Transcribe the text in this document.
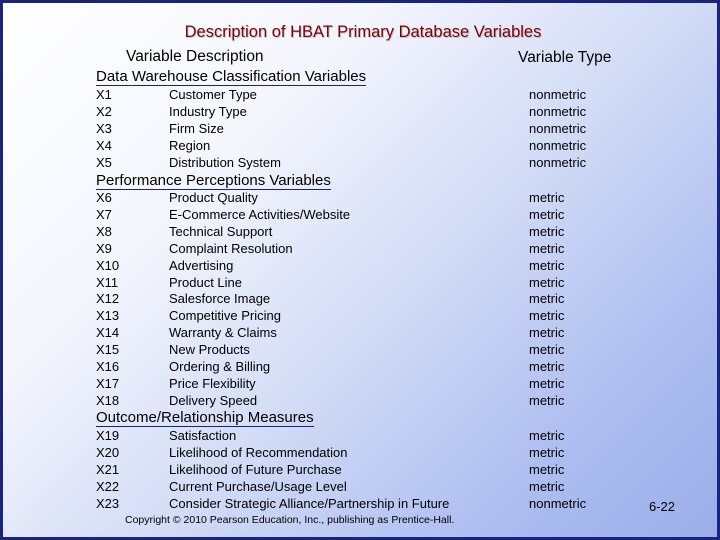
Description of HBAT Primary Database Variables
Variable Description	Variable Type
Data Warehouse Classification Variables
Performance Perceptions Variables
Outcome/Relationship Measures
X1	Customer Type	nonmetric
X2	Industry Type	nonmetric
X3	Firm Size	nonmetric
X4	Region	nonmetric
X5	Distribution System	nonmetric
X6	Product Quality	metric
X7	E-Commerce Activities/Website	metric
X8	Technical Support	metric
X9	Complaint Resolution	metric
X10	Advertising	metric
X11	Product Line	metric
X12	Salesforce Image	metric
X13	Competitive Pricing	metric
X14	Warranty & Claims	metric
X15	New Products	metric
X16	Ordering & Billing	metric
X17	Price Flexibility	metric
X18	Delivery Speed	metric
X19	Satisfaction	metric
X20	Likelihood of Recommendation	metric
X21	Likelihood of Future Purchase	metric
X22	Current Purchase/Usage Level	metric
X23	Consider Strategic Alliance/Partnership in Future	nonmetric
Copyright © 2010 Pearson Education, Inc., publishing as Prentice-Hall.
6-22
